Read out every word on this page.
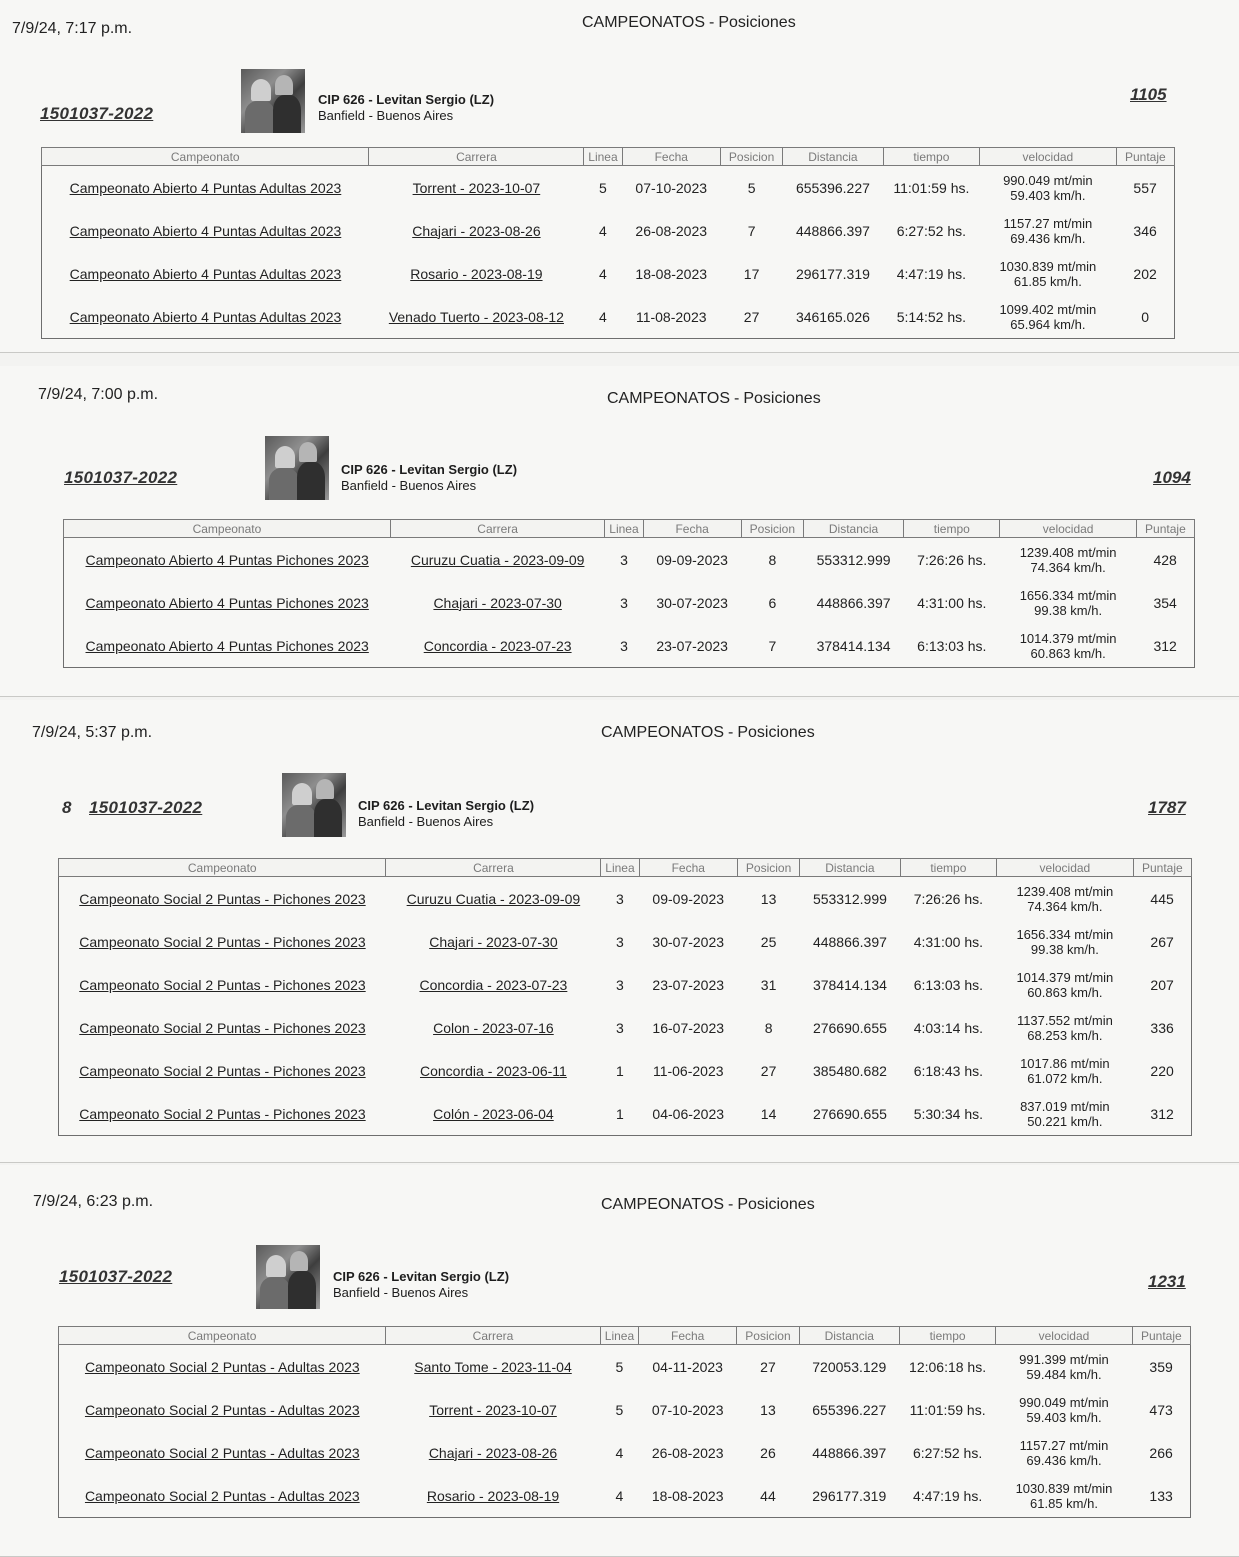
7/9/24, 7:17 p.m.	CAMPEONATOS - Posiciones
1501037-2022
CIP 626 - Levitan Sergio (LZ)
Banfield - Buenos Aires
1105
Campeonato	Carrera	Linea	Fecha	Posicion	Distancia	tiempo	velocidad	Puntaje
Campeonato Abierto 4 Puntas Adultas 2023	Torrent - 2023-10-07	5	07-10-2023	5	655396.227	11:01:59 hs.	990.049 mt/min
59.403 km/h.	557
Campeonato Abierto 4 Puntas Adultas 2023	Chajari - 2023-08-26	4	26-08-2023	7	448866.397	6:27:52 hs.	1157.27 mt/min
69.436 km/h.	346
Campeonato Abierto 4 Puntas Adultas 2023	Rosario - 2023-08-19	4	18-08-2023	17	296177.319	4:47:19 hs.	1030.839 mt/min
61.85 km/h.	202
Campeonato Abierto 4 Puntas Adultas 2023	Venado Tuerto - 2023-08-12	4	11-08-2023	27	346165.026	5:14:52 hs.	1099.402 mt/min
65.964 km/h.	0
7/9/24, 7:00 p.m.	CAMPEONATOS - Posiciones
1501037-2022	CIP 626 - Levitan Sergio (LZ)
Banfield - Buenos Aires	1094
Campeonato	Carrera	Linea	Fecha	Posicion	Distancia	tiempo	velocidad	Puntaje
Campeonato Abierto 4 Puntas Pichones 2023	Curuzu Cuatia - 2023-09-09	3	09-09-2023	8	553312.999	7:26:26 hs.	1239.408 mt/min
74.364 km/h.	428
Campeonato Abierto 4 Puntas Pichones 2023	Chajari - 2023-07-30	3	30-07-2023	6	448866.397	4:31:00 hs.	1656.334 mt/min
99.38 km/h.	354
Campeonato Abierto 4 Puntas Pichones 2023	Concordia - 2023-07-23	3	23-07-2023	7	378414.134	6:13:03 hs.	1014.379 mt/min
60.863 km/h.	312
7/9/24, 5:37 p.m.	CAMPEONATOS - Posiciones
8 1501037-2022	CIP 626 - Levitan Sergio (LZ)
Banfield - Buenos Aires
1787
Campeonato	Carrera	Linea	Fecha	Posicion	Distancia	tiempo	velocidad	Puntaje
Campeonato Social 2 Puntas - Pichones 2023	Curuzu Cuatia - 2023-09-09	3	09-09-2023	13	553312.999	7:26:26 hs.	1239.408 mt/min
74.364 km/h.	445
Campeonato Social 2 Puntas - Pichones 2023	Chajari - 2023-07-30	3	30-07-2023	25	448866.397	4:31:00 hs.	1656.334 mt/min
99.38 km/h.	267
Campeonato Social 2 Puntas - Pichones 2023	Concordia - 2023-07-23	3	23-07-2023	31	378414.134	6:13:03 hs.	1014.379 mt/min
60.863 km/h.	207
Campeonato Social 2 Puntas - Pichones 2023	Colon - 2023-07-16	3	16-07-2023	8	276690.655	4:03:14 hs.	1137.552 mt/min
68.253 km/h.	336
Campeonato Social 2 Puntas - Pichones 2023	Concordia - 2023-06-11	1	11-06-2023	27	385480.682	6:18:43 hs.	1017.86 mt/min
61.072 km/h.	220
Campeonato Social 2 Puntas - Pichones 2023	Colón - 2023-06-04	1	04-06-2023	14	276690.655	5:30:34 hs.	837.019 mt/min
50.221 km/h.	312
7/9/24, 6:23 p.m.	CAMPEONATOS - Posiciones
1501037-2022	CIP 626 - Levitan Sergio (LZ)
Banfield - Buenos Aires
1231
Campeonato	Carrera	Linea	Fecha	Posicion	Distancia	tiempo	velocidad	Puntaje
Campeonato Social 2 Puntas - Adultas 2023	Santo Tome - 2023-11-04	5	04-11-2023	27	720053.129	12:06:18 hs.	991.399 mt/min
59.484 km/h.	359
Campeonato Social 2 Puntas - Adultas 2023	Torrent - 2023-10-07	5	07-10-2023	13	655396.227	11:01:59 hs.	990.049 mt/min
59.403 km/h.	473
Campeonato Social 2 Puntas - Adultas 2023	Chajari - 2023-08-26	4	26-08-2023	26	448866.397	6:27:52 hs.	1157.27 mt/min
69.436 km/h.	266
Campeonato Social 2 Puntas - Adultas 2023	Rosario - 2023-08-19	4	18-08-2023	44	296177.319	4:47:19 hs.	1030.839 mt/min
61.85 km/h.	133
